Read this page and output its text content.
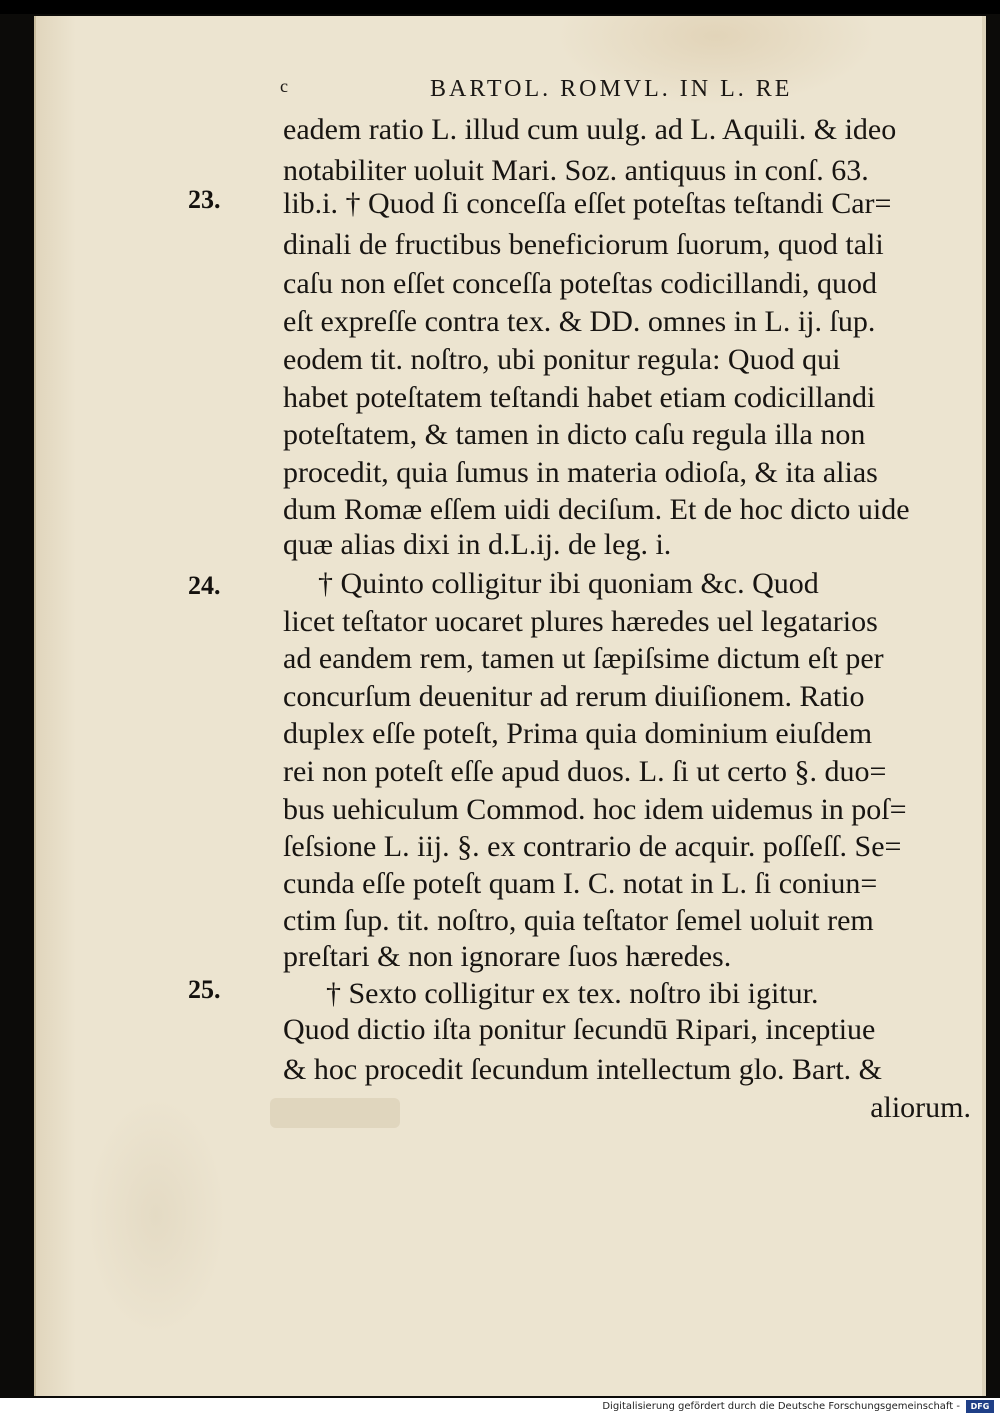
c	BARTOL. ROMVL. IN L. RE
23.
24.
25.
eadem ratio L. illud cum uulg. ad L. Aquili. & ideo
notabiliter uoluit Mari. Soz. antiquus in conſ. 63.
lib.i. † Quod ſi conceſſa eſſet poteſtas teſtandi Car=
dinali de fructibus beneficiorum ſuorum, quod tali
caſu non eſſet conceſſa poteſtas codicillandi, quod
eſt expreſſe contra tex. & DD. omnes in L. ij. ſup.
eodem tit. noſtro, ubi ponitur regula: Quod qui
habet poteſtatem teſtandi habet etiam codicillandi
poteſtatem, & tamen in dicto caſu regula illa non
procedit, quia ſumus in materia odioſa, & ita alias
dum Romæ eſſem uidi deciſum. Et de hoc dicto uide
quæ alias dixi in d.L.ij. de leg. i.
† Quinto colligitur ibi quoniam &c. Quod
licet teſtator uocaret plures hæredes uel legatarios
ad eandem rem, tamen ut ſæpiſsime dictum eſt per
concurſum deuenitur ad rerum diuiſionem. Ratio
duplex eſſe poteſt, Prima quia dominium eiuſdem
rei non poteſt eſſe apud duos. L. ſi ut certo §. duo=
bus uehiculum Commod. hoc idem uidemus in poſ=
ſeſsione L. iij. §. ex contrario de acquir. poſſeſſ. Se=
cunda eſſe poteſt quam I. C. notat in L. ſi coniun=
ctim ſup. tit. noſtro, quia teſtator ſemel uoluit rem
preſtari & non ignorare ſuos hæredes.
† Sexto colligitur ex tex. noſtro ibi igitur.
Quod dictio iſta ponitur ſecundū Ripari, inceptiue
& hoc procedit ſecundum intellectum glo. Bart. &
aliorum.
Digitalisierung gefördert durch die Deutsche Forschungsgemeinschaft -	DFG
